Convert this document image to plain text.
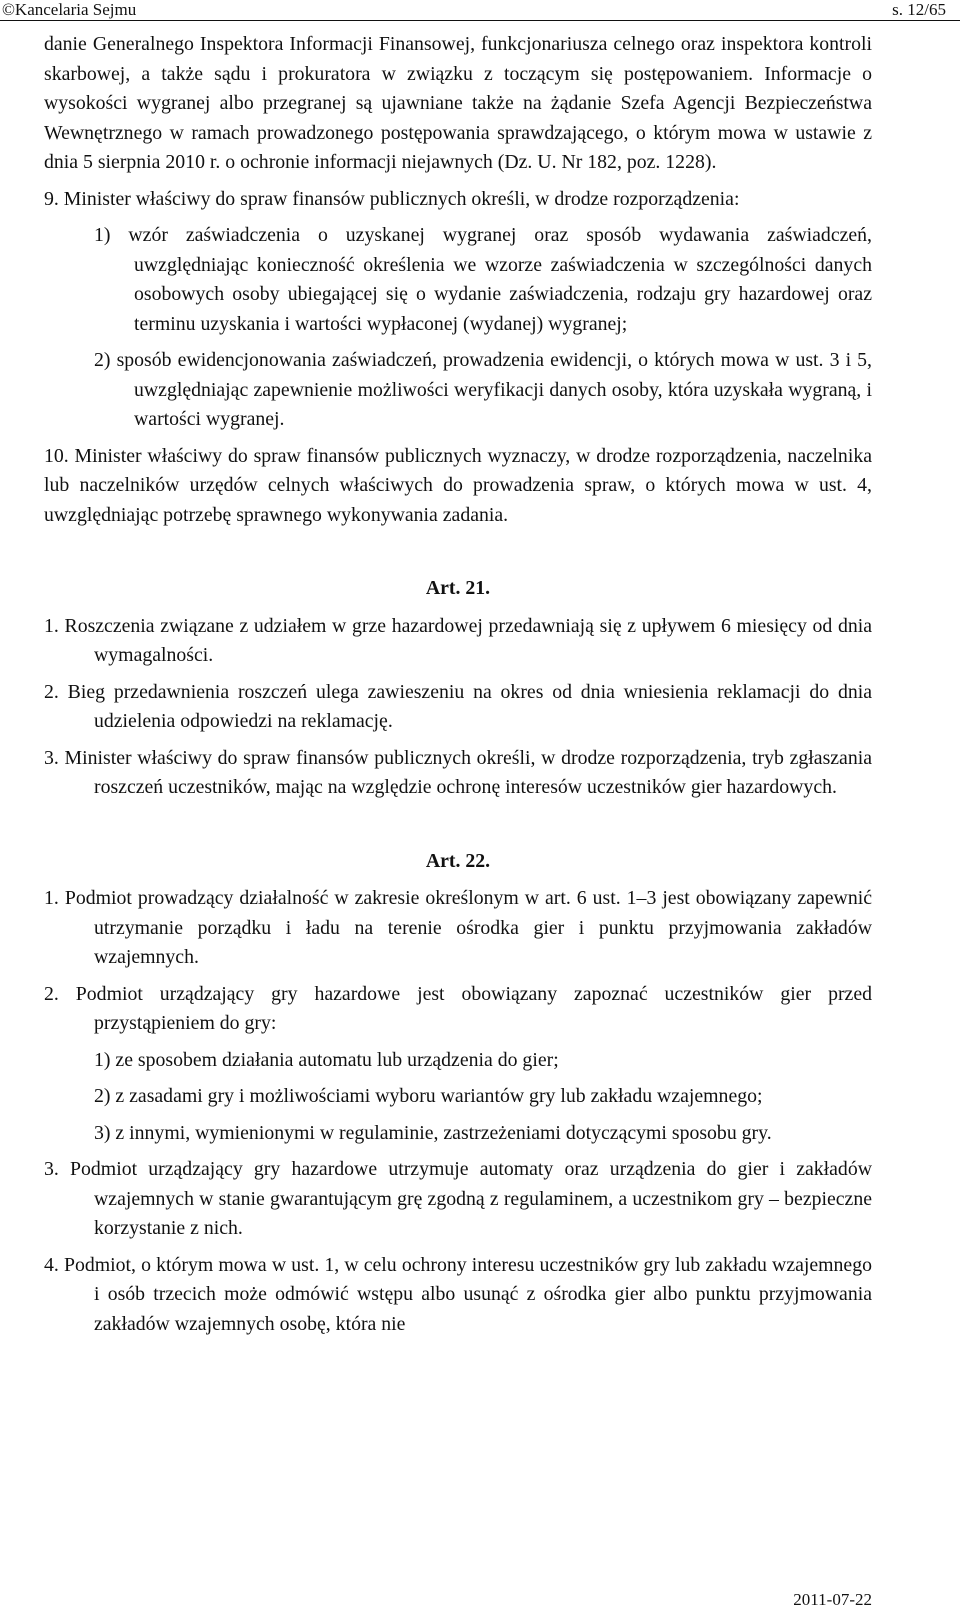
©Kancelaria Sejmu	s. 12/65

danie Generalnego Inspektora Informacji Finansowej, funkcjonariusza celnego oraz inspektora kontroli skarbowej, a także sądu i prokuratora w związku z toczącym się postępowaniem. Informacje o wysokości wygranej albo przegranej są ujawniane także na żądanie Szefa Agencji Bezpieczeństwa Wewnętrznego w ramach prowadzonego postępowania sprawdzającego, o którym mowa w ustawie z dnia 5 sierpnia 2010 r. o ochronie informacji niejawnych (Dz. U. Nr 182, poz. 1228).

9. Minister właściwy do spraw finansów publicznych określi, w drodze rozporządzenia:

1) wzór zaświadczenia o uzyskanej wygranej oraz sposób wydawania zaświadczeń, uwzględniając konieczność określenia we wzorze zaświadczenia w szczególności danych osobowych osoby ubiegającej się o wydanie zaświadczenia, rodzaju gry hazardowej oraz terminu uzyskania i wartości wypłaconej (wydanej) wygranej;

2) sposób ewidencjonowania zaświadczeń, prowadzenia ewidencji, o których mowa w ust. 3 i 5, uwzględniając zapewnienie możliwości weryfikacji danych osoby, która uzyskała wygraną, i wartości wygranej.

10. Minister właściwy do spraw finansów publicznych wyznaczy, w drodze rozporządzenia, naczelnika lub naczelników urzędów celnych właściwych do prowadzenia spraw, o których mowa w ust. 4, uwzględniając potrzebę sprawnego wykonywania zadania.

Art. 21.

1. Roszczenia związane z udziałem w grze hazardowej przedawniają się z upływem 6 miesięcy od dnia wymagalności.

2. Bieg przedawnienia roszczeń ulega zawieszeniu na okres od dnia wniesienia reklamacji do dnia udzielenia odpowiedzi na reklamację.

3. Minister właściwy do spraw finansów publicznych określi, w drodze rozporządzenia, tryb zgłaszania roszczeń uczestników, mając na względzie ochronę interesów uczestników gier hazardowych.

Art. 22.

1. Podmiot prowadzący działalność w zakresie określonym w art. 6 ust. 1–3 jest obowiązany zapewnić utrzymanie porządku i ładu na terenie ośrodka gier i punktu przyjmowania zakładów wzajemnych.

2. Podmiot urządzający gry hazardowe jest obowiązany zapoznać uczestników gier przed przystąpieniem do gry:

1) ze sposobem działania automatu lub urządzenia do gier;

2) z zasadami gry i możliwościami wyboru wariantów gry lub zakładu wzajemnego;

3) z innymi, wymienionymi w regulaminie, zastrzeżeniami dotyczącymi sposobu gry.

3. Podmiot urządzający gry hazardowe utrzymuje automaty oraz urządzenia do gier i zakładów wzajemnych w stanie gwarantującym grę zgodną z regulaminem, a uczestnikom gry – bezpieczne korzystanie z nich.

4. Podmiot, o którym mowa w ust. 1, w celu ochrony interesu uczestników gry lub zakładu wzajemnego i osób trzecich może odmówić wstępu albo usunąć z ośrodka gier albo punktu przyjmowania zakładów wzajemnych osobę, która nie

2011-07-22
